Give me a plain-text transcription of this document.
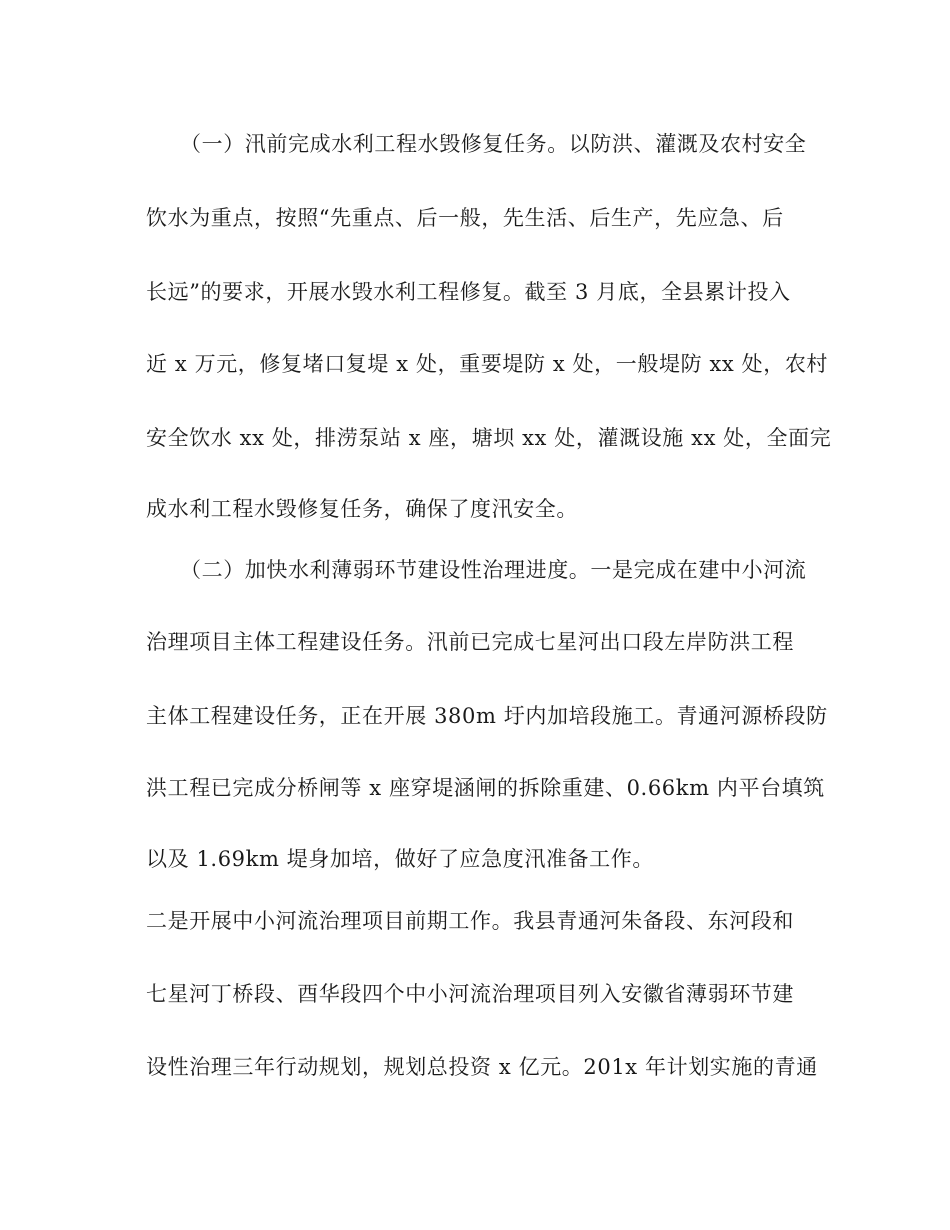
（一）汛前完成水利工程水毁修复任务。以防洪、灌溉及农村安全
饮水为重点，按照“先重点、后一般，先生活、后生产，先应急、后
长远”的要求，开展水毁水利工程修复。截至 3 月底，全县累计投入
近 x 万元，修复堵口复堤 x 处，重要堤防 x 处，一般堤防 xx 处，农村
安全饮水 xx 处，排涝泵站 x 座，塘坝 xx 处，灌溉设施 xx 处，全面完
成水利工程水毁修复任务，确保了度汛安全。
（二）加快水利薄弱环节建设性治理进度。一是完成在建中小河流
治理项目主体工程建设任务。汛前已完成七星河出口段左岸防洪工程
主体工程建设任务，正在开展 380m 圩内加培段施工。青通河源桥段防
洪工程已完成分桥闸等 x 座穿堤涵闸的拆除重建、0.66km 内平台填筑
以及 1.69km 堤身加培，做好了应急度汛准备工作。
二是开展中小河流治理项目前期工作。我县青通河朱备段、东河段和
七星河丁桥段、酉华段四个中小河流治理项目列入安徽省薄弱环节建
设性治理三年行动规划，规划总投资 x 亿元。201x 年计划实施的青通
